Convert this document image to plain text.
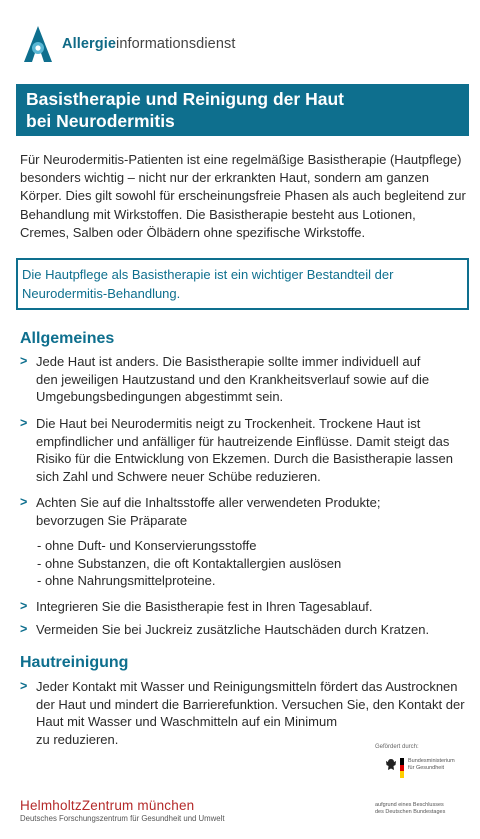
Allergieinformationsdienst
Basistherapie und Reinigung der Haut
bei Neurodermitis

Für Neurodermitis-Patienten ist eine regelmäßige Basistherapie (Hautpflege) besonders wichtig – nicht nur der erkrankten Haut, sondern am ganzen Körper. Dies gilt sowohl für erscheinungsfreie Phasen als auch begleitend zur Behandlung mit Wirkstoffen. Die Basistherapie besteht aus Lotionen, Cremes, Salben oder Ölbädern ohne spezifische Wirkstoffe.

Die Hautpflege als Basistherapie ist ein wichtiger Bestandteil der
Neurodermitis-Behandlung.
Allgemeines
> Jede Haut ist anders. Die Basistherapie sollte immer individuell auf
den jeweiligen Hautzustand und den Krankheitsverlauf sowie auf die
Umgebungsbedingungen abgestimmt sein.
> Die Haut bei Neurodermitis neigt zu Trockenheit. Trockene Haut ist
empfindlicher und anfälliger für hautreizende Einflüsse. Damit steigt das
Risiko für die Entwicklung von Ekzemen. Durch die Basistherapie lassen
sich Zahl und Schwere neuer Schübe reduzieren.
> Achten Sie auf die Inhaltsstoffe aller verwendeten Produkte;
bevorzugen Sie Präparate
- ohne Duft- und Konservierungsstoffe
- ohne Substanzen, die oft Kontaktallergien auslösen
- ohne Nahrungsmittelproteine.
> Integrieren Sie die Basistherapie fest in Ihren Tagesablauf.
> Vermeiden Sie bei Juckreiz zusätzliche Hautschäden durch Kratzen.
Hautreinigung
> Jeder Kontakt mit Wasser und Reinigungsmitteln fördert das Austrocknen
der Haut und mindert die Barrierefunktion. Versuchen Sie, den Kontakt der
Haut mit Wasser und Waschmitteln auf ein Minimum
zu reduzieren.
Gefördert durch:
Bundesministerium
für Gesundheit
aufgrund eines Beschlusses
des Deutschen Bundestages
HelmholtzZentrum münchen
Deutsches Forschungszentrum für Gesundheit und Umwelt
